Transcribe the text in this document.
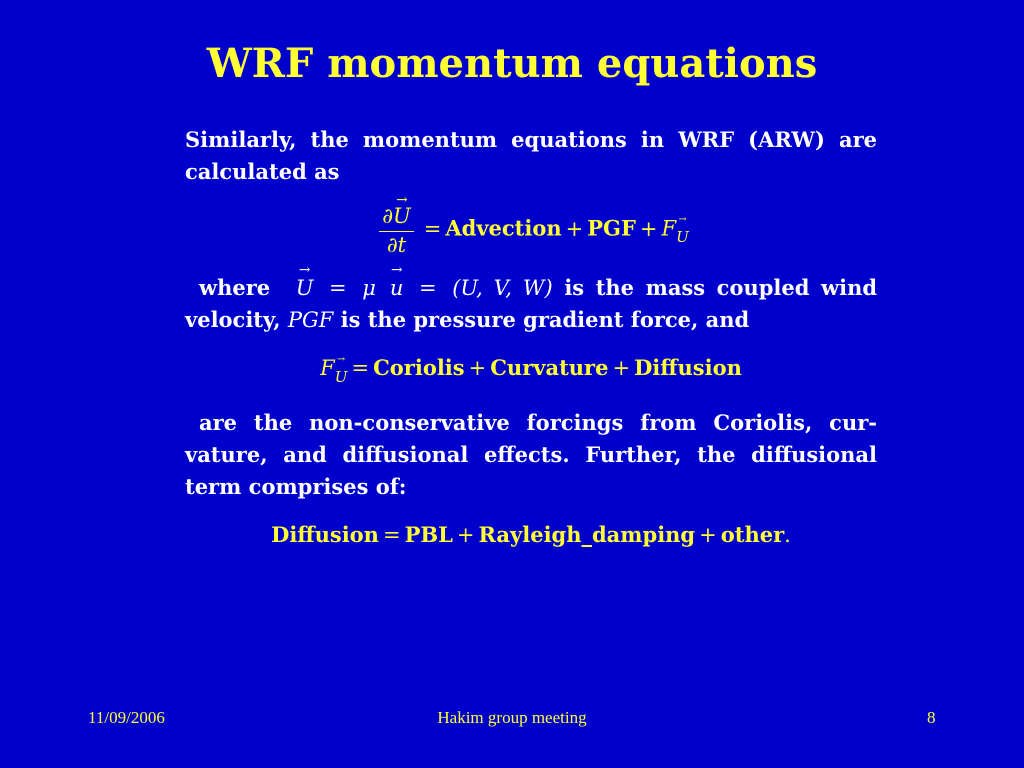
WRF momentum equations

Similarly, the momentum equations in WRF (ARW) are calculated as

$\frac{\partial\to U}{\partial t}$ = Advection + PGF + F→ U

where → U = μ → u = (U, V, W) is the mass coupled wind velocity, PGF is the pressure gradient force, and

F→ U = Coriolis + Curvature + Diffusion

are the non-conservative forcings from Coriolis, cur-vature, and diffusional effects. Further, the diffusional term comprises of:

Diffusion = PBL + Rayleigh_damping + other.
11/09/2006	Hakim group meeting	8
